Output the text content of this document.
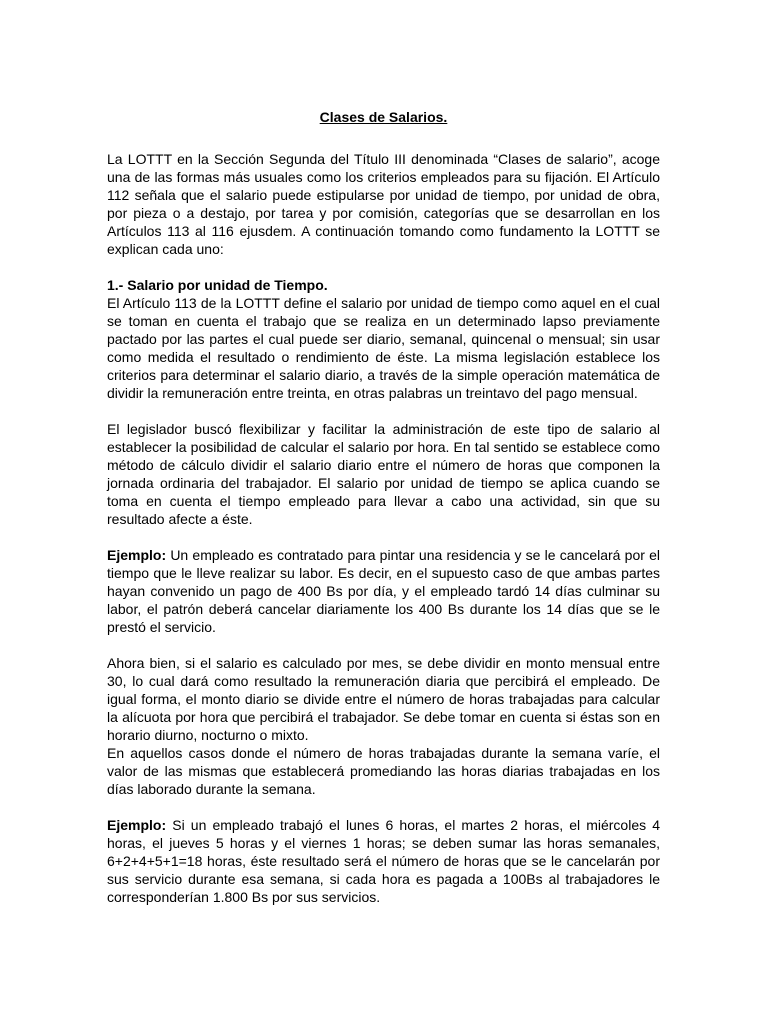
Clases de Salarios.

La LOTTT en la Sección Segunda del Título III denominada “Clases de salario”, acoge una de las formas más usuales como los criterios empleados para su fijación. El Artículo 112 señala que el salario puede estipularse por unidad de tiempo, por unidad de obra, por pieza o a destajo, por tarea y por comisión, categorías que se desarrollan en los Artículos 113 al 116 ejusdem. A continuación tomando como fundamento la LOTTT se explican cada uno:

1.- Salario por unidad de Tiempo.

El Artículo 113 de la LOTTT define el salario por unidad de tiempo como aquel en el cual se toman en cuenta el trabajo que se realiza en un determinado lapso previamente pactado por las partes el cual puede ser diario, semanal, quincenal o mensual; sin usar como medida el resultado o rendimiento de éste. La misma legislación establece los criterios para determinar el salario diario, a través de la simple operación matemática de dividir la remuneración entre treinta, en otras palabras un treintavo del pago mensual.

El legislador buscó flexibilizar y facilitar la administración de este tipo de salario al establecer la posibilidad de calcular el salario por hora. En tal sentido se establece como método de cálculo dividir el salario diario entre el número de horas que componen la jornada ordinaria del trabajador. El salario por unidad de tiempo se aplica cuando se toma en cuenta el tiempo empleado para llevar a cabo una actividad, sin que su resultado afecte a éste.

Ejemplo: Un empleado es contratado para pintar una residencia y se le cancelará por el tiempo que le lleve realizar su labor. Es decir, en el supuesto caso de que ambas partes hayan convenido un pago de 400 Bs por día, y el empleado tardó 14 días culminar su labor, el patrón deberá cancelar diariamente los 400 Bs durante los 14 días que se le prestó el servicio.

Ahora bien, si el salario es calculado por mes, se debe dividir en monto mensual entre 30, lo cual dará como resultado la remuneración diaria que percibirá el empleado. De igual forma, el monto diario se divide entre el número de horas trabajadas para calcular la alícuota por hora que percibirá el trabajador. Se debe tomar en cuenta si éstas son en horario diurno, nocturno o mixto.

En aquellos casos donde el número de horas trabajadas durante la semana varíe, el valor de las mismas que establecerá promediando las horas diarias trabajadas en los días laborado durante la semana.

Ejemplo: Si un empleado trabajó el lunes 6 horas, el martes 2 horas, el miércoles 4 horas, el jueves 5 horas y el viernes 1 horas; se deben sumar las horas semanales, 6+2+4+5+1=18 horas, éste resultado será el número de horas que se le cancelarán por sus servicio durante esa semana, si cada hora es pagada a 100Bs al trabajadores le corresponderían 1.800 Bs por sus servicios.
